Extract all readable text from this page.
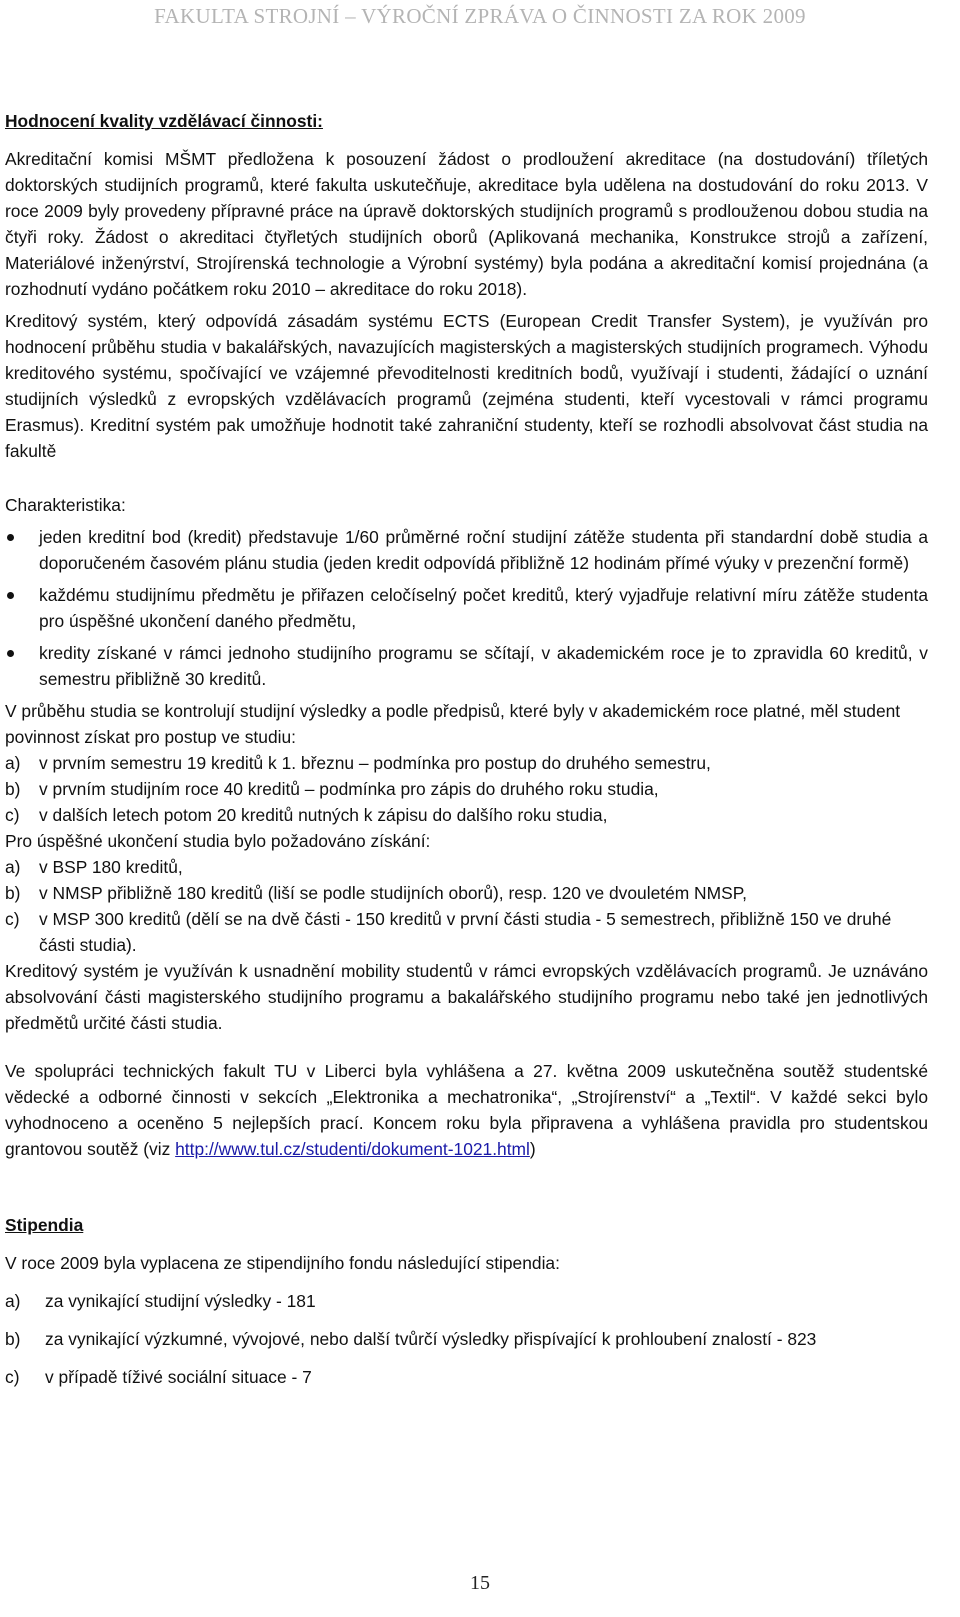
FAKULTA STROJNÍ – VÝROČNÍ ZPRÁVA O ČINNOSTI ZA ROK 2009
Hodnocení kvality vzdělávací činnosti:

Akreditační komisi MŠMT předložena k posouzení žádost o prodloužení akreditace (na dostudování) tříletých doktorských studijních programů, které fakulta uskutečňuje, akreditace byla udělena na dostudování do roku 2013. V roce 2009 byly provedeny přípravné práce na úpravě doktorských studijních programů s prodlouženou dobou studia na čtyři roky. Žádost o akreditaci čtyřletých studijních oborů (Aplikovaná mechanika, Konstrukce strojů a zařízení, Materiálové inženýrství, Strojírenská technologie a Výrobní systémy) byla podána a akreditační komisí projednána (a rozhodnutí vydáno počátkem roku 2010 – akreditace do roku 2018).

Kreditový systém, který odpovídá zásadám systému ECTS (European Credit Transfer System), je využíván pro hodnocení průběhu studia v bakalářských, navazujících magisterských a magisterských studijních programech. Výhodu kreditového systému, spočívající ve vzájemné převoditelnosti kreditních bodů, využívají i studenti, žádající o uznání studijních výsledků z evropských vzdělávacích programů (zejména studenti, kteří vycestovali v rámci programu Erasmus). Kreditní systém pak umožňuje hodnotit také zahraniční studenty, kteří se rozhodli absolvovat část studia na fakultě

Charakteristika:

jeden kreditní bod (kredit) představuje 1/60 průměrné roční studijní zátěže studenta při standardní době studia a doporučeném časovém plánu studia (jeden kredit odpovídá přibližně 12 hodinám přímé výuky v prezenční formě)
každému studijnímu předmětu je přiřazen celočíselný počet kreditů, který vyjadřuje relativní míru zátěže studenta pro úspěšné ukončení daného předmětu,
kredity získané v rámci jednoho studijního programu se sčítají, v akademickém roce je to zpravidla 60 kreditů, v semestru přibližně 30 kreditů.

V průběhu studia se kontrolují studijní výsledky a podle předpisů, které byly v akademickém roce platné, měl student povinnost získat pro postup ve studiu:

a) v prvním semestru 19 kreditů k 1. březnu – podmínka pro postup do druhého semestru,
b) v prvním studijním roce 40 kreditů – podmínka pro zápis do druhého roku studia,
c) v dalších letech potom 20 kreditů nutných k zápisu do dalšího roku studia,

Pro úspěšné ukončení studia bylo požadováno získání:

a) v BSP 180 kreditů,
b) v NMSP přibližně 180 kreditů (liší se podle studijních oborů), resp. 120 ve dvouletém NMSP,
c) v MSP 300 kreditů (dělí se na dvě části - 150 kreditů v první části studia - 5 semestrech, přibližně 150 ve druhé části studia).

Kreditový systém je využíván k usnadnění mobility studentů v rámci evropských vzdělávacích programů. Je uznáváno absolvování části magisterského studijního programu a bakalářského studijního programu nebo také jen jednotlivých předmětů určité části studia.

Ve spolupráci technických fakult TU v Liberci byla vyhlášena a 27. května 2009 uskutečněna soutěž studentské vědecké a odborné činnosti v sekcích „Elektronika a mechatronika“, „Strojírenství“ a „Textil“. V každé sekci bylo vyhodnoceno a oceněno 5 nejlepších prací. Koncem roku byla připravena a vyhlášena pravidla pro studentskou grantovou soutěž (viz http://www.tul.cz/studenti/dokument-1021.html)

Stipendia

V roce 2009 byla vyplacena ze stipendijního fondu následující stipendia:

a) za vynikající studijní výsledky - 181
b) za vynikající výzkumné, vývojové, nebo další tvůrčí výsledky přispívající k prohloubení znalostí - 823
c) v případě tíživé sociální situace - 7
15
